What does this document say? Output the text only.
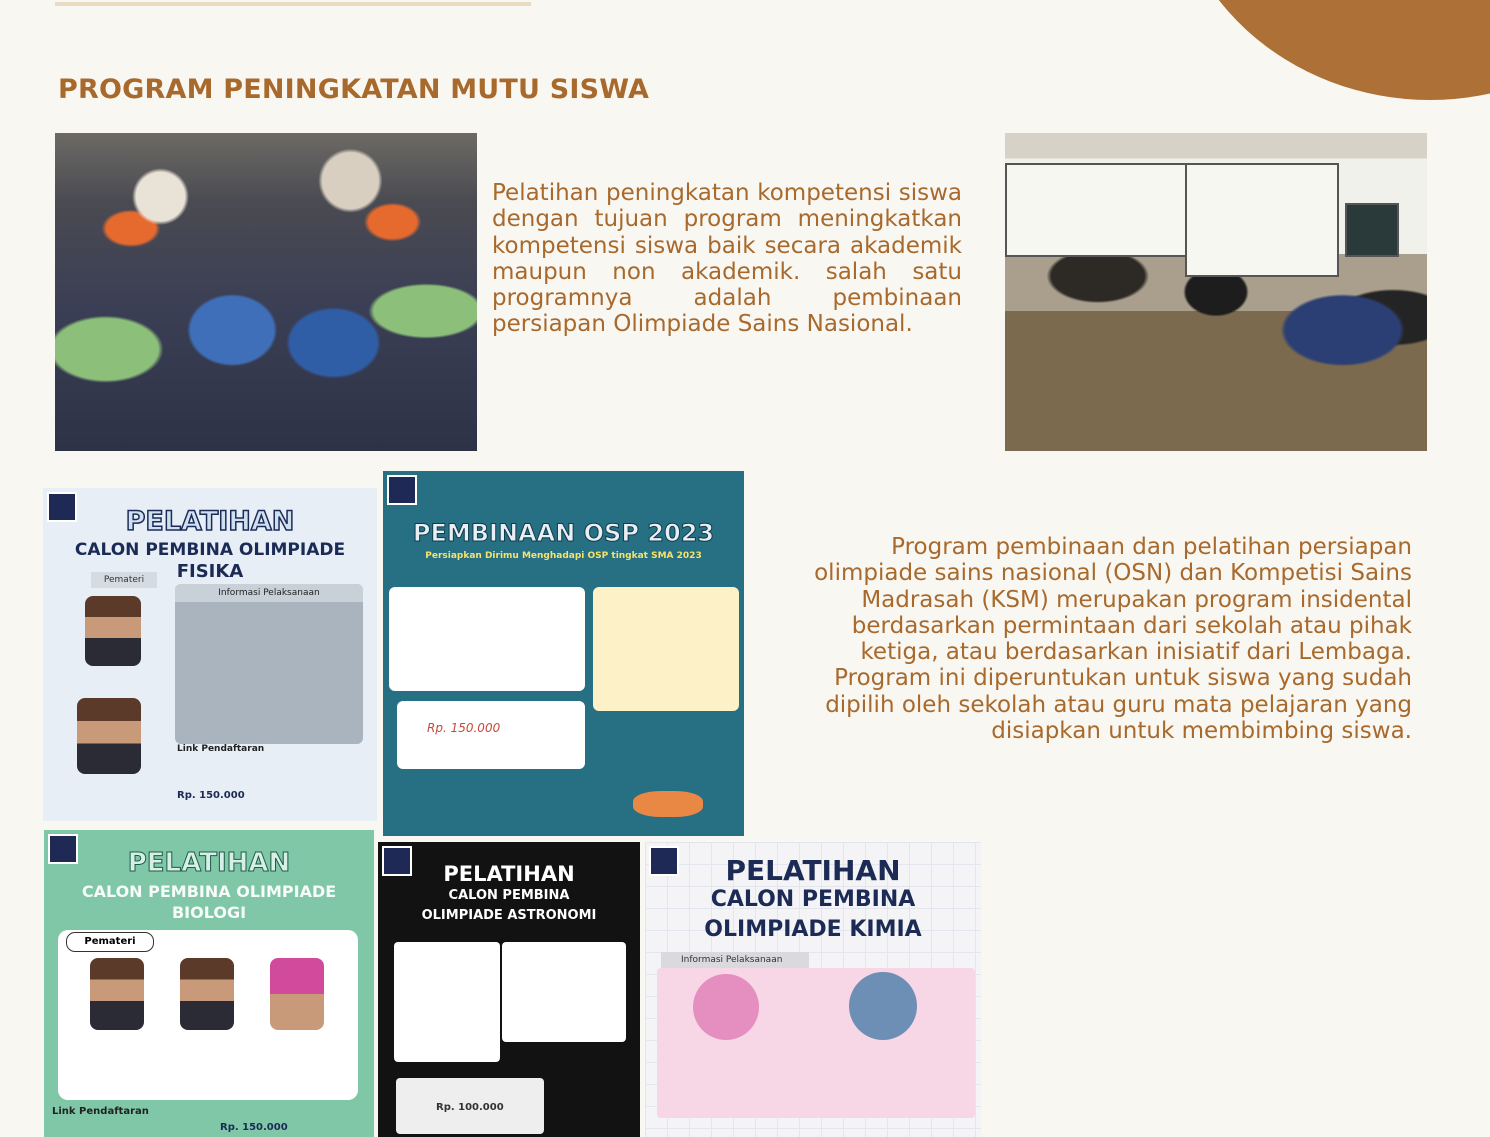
PROGRAM PENINGKATAN MUTU SISWA

Pelatihan peningkatan kompetensi siswa dengan tujuan program meningkatkan kompetensi siswa baik secara akademik maupun non akademik. salah satu programnya adalah pembinaan persiapan Olimpiade Sains Nasional.

PELATIHAN
CALON PEMBINA OLIMPIADE
FISIKA
Pemateri
Informasi Pelaksanaan
Link Pendaftaran
Rp. 150.000
PEMBINAAN OSP 2023
Persiapkan Dirimu Menghadapi OSP tingkat SMA 2023
Rp. 150.000
PELATIHAN
CALON PEMBINA OLIMPIADE
BIOLOGI
Pemateri
Link Pendaftaran
Rp. 150.000
PELATIHAN
CALON PEMBINA
OLIMPIADE ASTRONOMI
Rp. 100.000
PELATIHAN
CALON PEMBINA
OLIMPIADE KIMIA
Informasi Pelaksanaan

Program pembinaan dan pelatihan persiapan olimpiade sains nasional (OSN) dan Kompetisi Sains Madrasah (KSM) merupakan program insidental berdasarkan permintaan dari sekolah atau pihak ketiga, atau berdasarkan inisiatif dari Lembaga.
Program ini diperuntukan untuk siswa yang sudah dipilih oleh sekolah atau guru mata pelajaran yang disiapkan untuk membimbing siswa.
